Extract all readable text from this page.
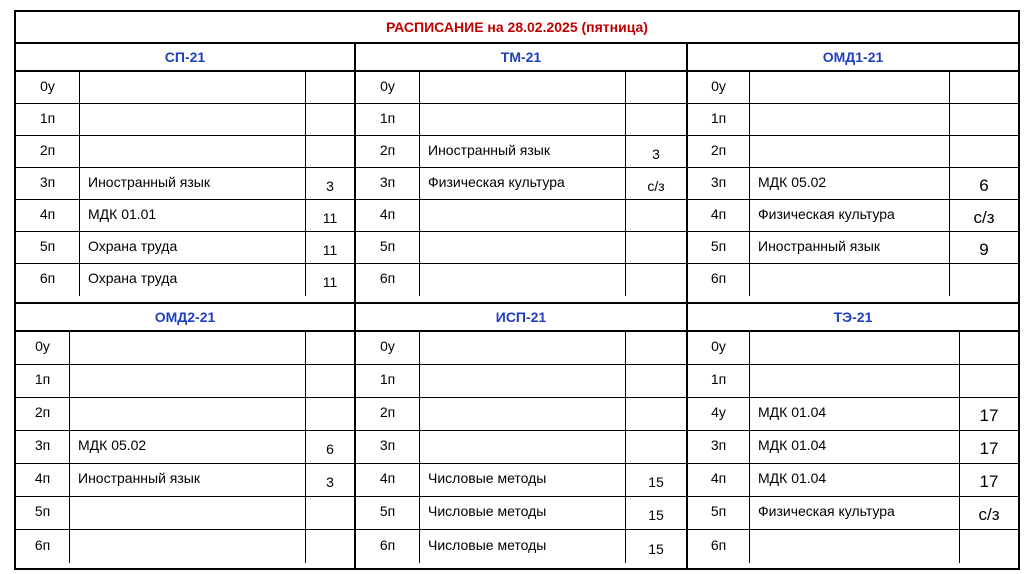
РАСПИСАНИЕ на 28.02.2025 (пятница)
СП-21
0у
1п
2п
3п	Иностранный язык	3
4п	МДК 01.01	11
5п	Охрана труда	11
6п	Охрана труда	11
ТМ-21
0у
1п
2п	Иностранный язык	3
3п	Физическая культура	с/з
4п
5п
6п
ОМД1-21
0у
1п
2п
3п	МДК 05.02	6
4п	Физическая культура	с/з
5п	Иностранный язык	9
6п
ОМД2-21
0у
1п
2п
3п	МДК 05.02	6
4п	Иностранный язык	3
5п
6п
ИСП-21
0у
1п
2п
3п
4п	Числовые методы	15
5п	Числовые методы	15
6п	Числовые методы	15
ТЭ-21
0у
1п
4у	МДК 01.04	17
3п	МДК 01.04	17
4п	МДК 01.04	17
5п	Физическая культура	с/з
6п
